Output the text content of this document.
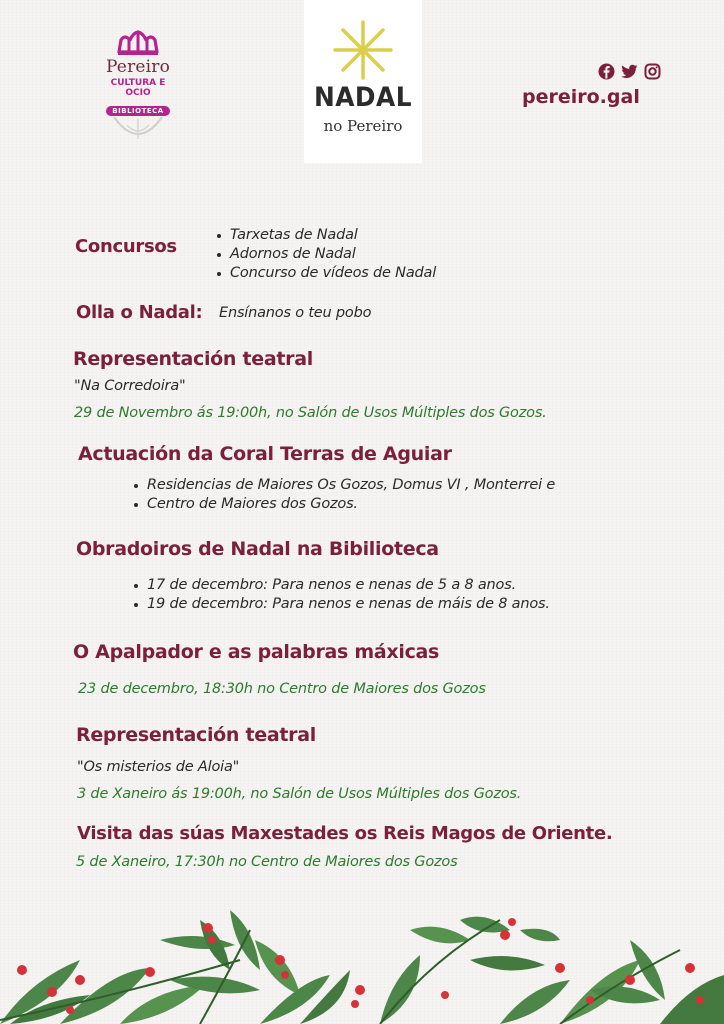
Pereiro
CULTURA E OCIO
BIBLIOTECA	NADAL
no Pereiro
pereiro.gal
Concursos
Tarxetas de Nadal
Adornos de Nadal
Concurso de vídeos de Nadal
Olla o Nadal: Ensínanos o teu pobo
Representación teatral
"Na Corredoira"
29 de Novembro ás 19:00h, no Salón de Usos Múltiples dos Gozos.
Actuación da Coral Terras de Aguiar
Residencias de Maiores Os Gozos, Domus VI , Monterrei e
Centro de Maiores dos Gozos.
Obradoiros de Nadal na Bibilioteca
17 de decembro: Para nenos e nenas de 5 a 8 anos.
19 de decembro: Para nenos e nenas de máis de 8 anos.
O Apalpador e as palabras máxicas
23 de decembro, 18:30h no Centro de Maiores dos Gozos
Representación teatral
"Os misterios de Aloia"
3 de Xaneiro ás 19:00h, no Salón de Usos Múltiples dos Gozos.
Visita das súas Maxestades os Reis Magos de Oriente.
5 de Xaneiro, 17:30h no Centro de Maiores dos Gozos
